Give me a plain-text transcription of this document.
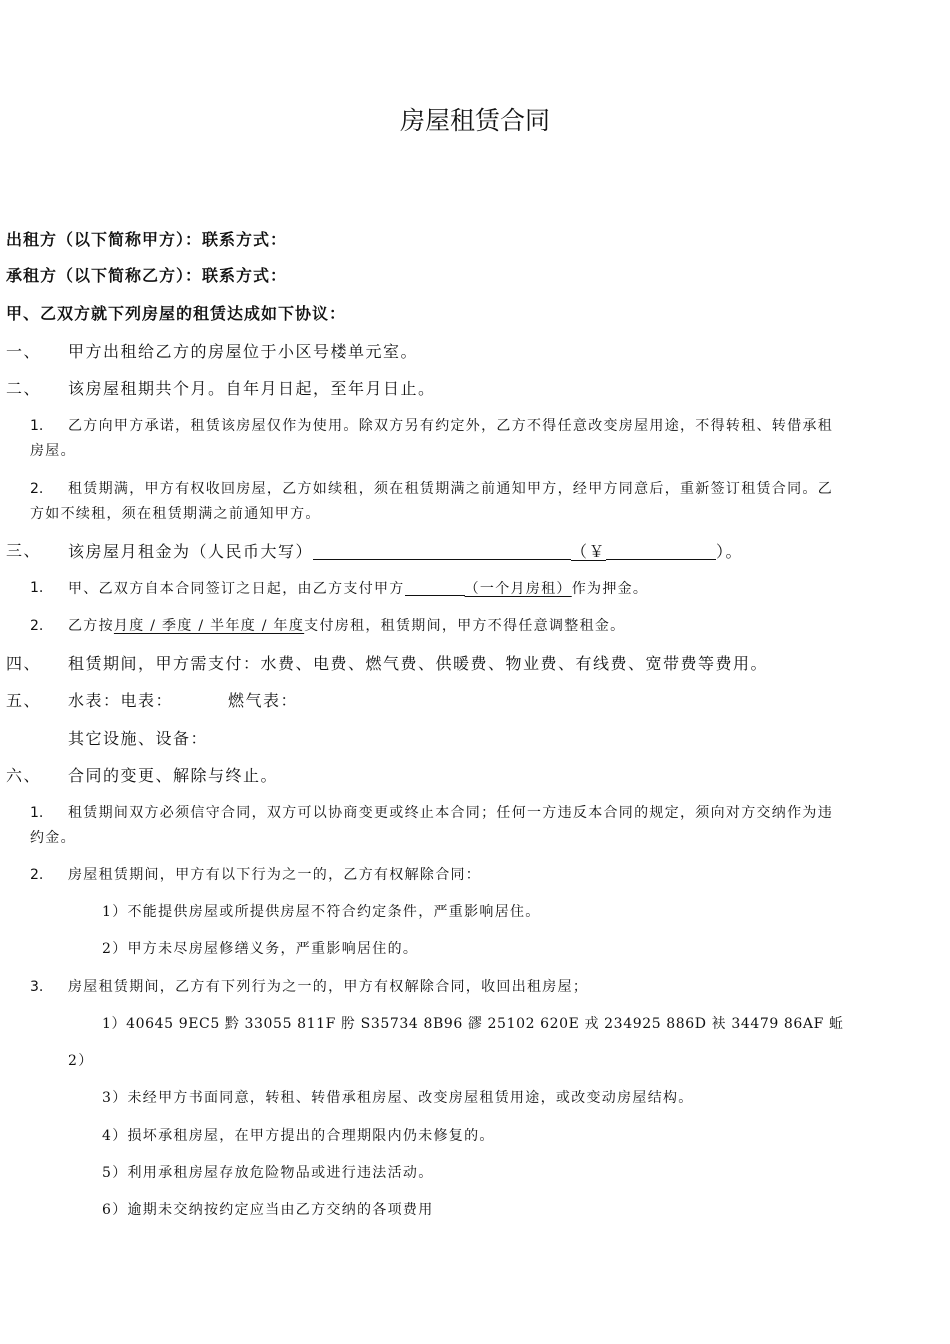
房屋租赁合同
出租方（以下简称甲方）：联系方式：
承租方（以下简称乙方）：联系方式：
甲、乙双方就下列房屋的租赁达成如下协议：
一、 甲方出租给乙方的房屋位于小区号楼单元室。
二、 该房屋租期共个月。自年月日起，至年月日止。
1. 乙方向甲方承诺，租赁该房屋仅作为使用。除双方另有约定外，乙方不得任意改变房屋用途，不得转租、转借承租
房屋。
2. 租赁期满，甲方有权收回房屋，乙方如续租，须在租赁期满之前通知甲方，经甲方同意后，重新签订租赁合同。乙
方如不续租，须在租赁期满之前通知甲方。
三、 该房屋月租金为（人民币大写）	（￥	）。
1. 甲、乙双方自本合同签订之日起，由乙方支付甲方	（一个月房租）作为押金。
2. 乙方按月度 / 季度 / 半年度 / 年度支付房租，租赁期间，甲方不得任意调整租金。
四、 租赁期间，甲方需支付：水费、电费、燃气费、供暖费、物业费、有线费、宽带费等费用。
五、 水表：电表：	燃气表：
其它设施、设备：
六、 合同的变更、解除与终止。
1. 租赁期间双方必须信守合同，双方可以协商变更或终止本合同；任何一方违反本合同的规定，须向对方交纳作为违
约金。
2. 房屋租赁期间，甲方有以下行为之一的，乙方有权解除合同：
1）不能提供房屋或所提供房屋不符合约定条件，严重影响居住。
2）甲方未尽房屋修缮义务，严重影响居住的。
3. 房屋租赁期间，乙方有下列行为之一的，甲方有权解除合同，收回出租房屋；
1）40645 9EC5 黔 33055 811F 肹 S35734 8B96 豂 25102 620E 戎 234925 886D 衭 34479 86AF 蚯
2）
3）未经甲方书面同意，转租、转借承租房屋、改变房屋租赁用途，或改变动房屋结构。
4）损坏承租房屋，在甲方提出的合理期限内仍未修复的。
5）利用承租房屋存放危险物品或进行违法活动。
6）逾期未交纳按约定应当由乙方交纳的各项费用
